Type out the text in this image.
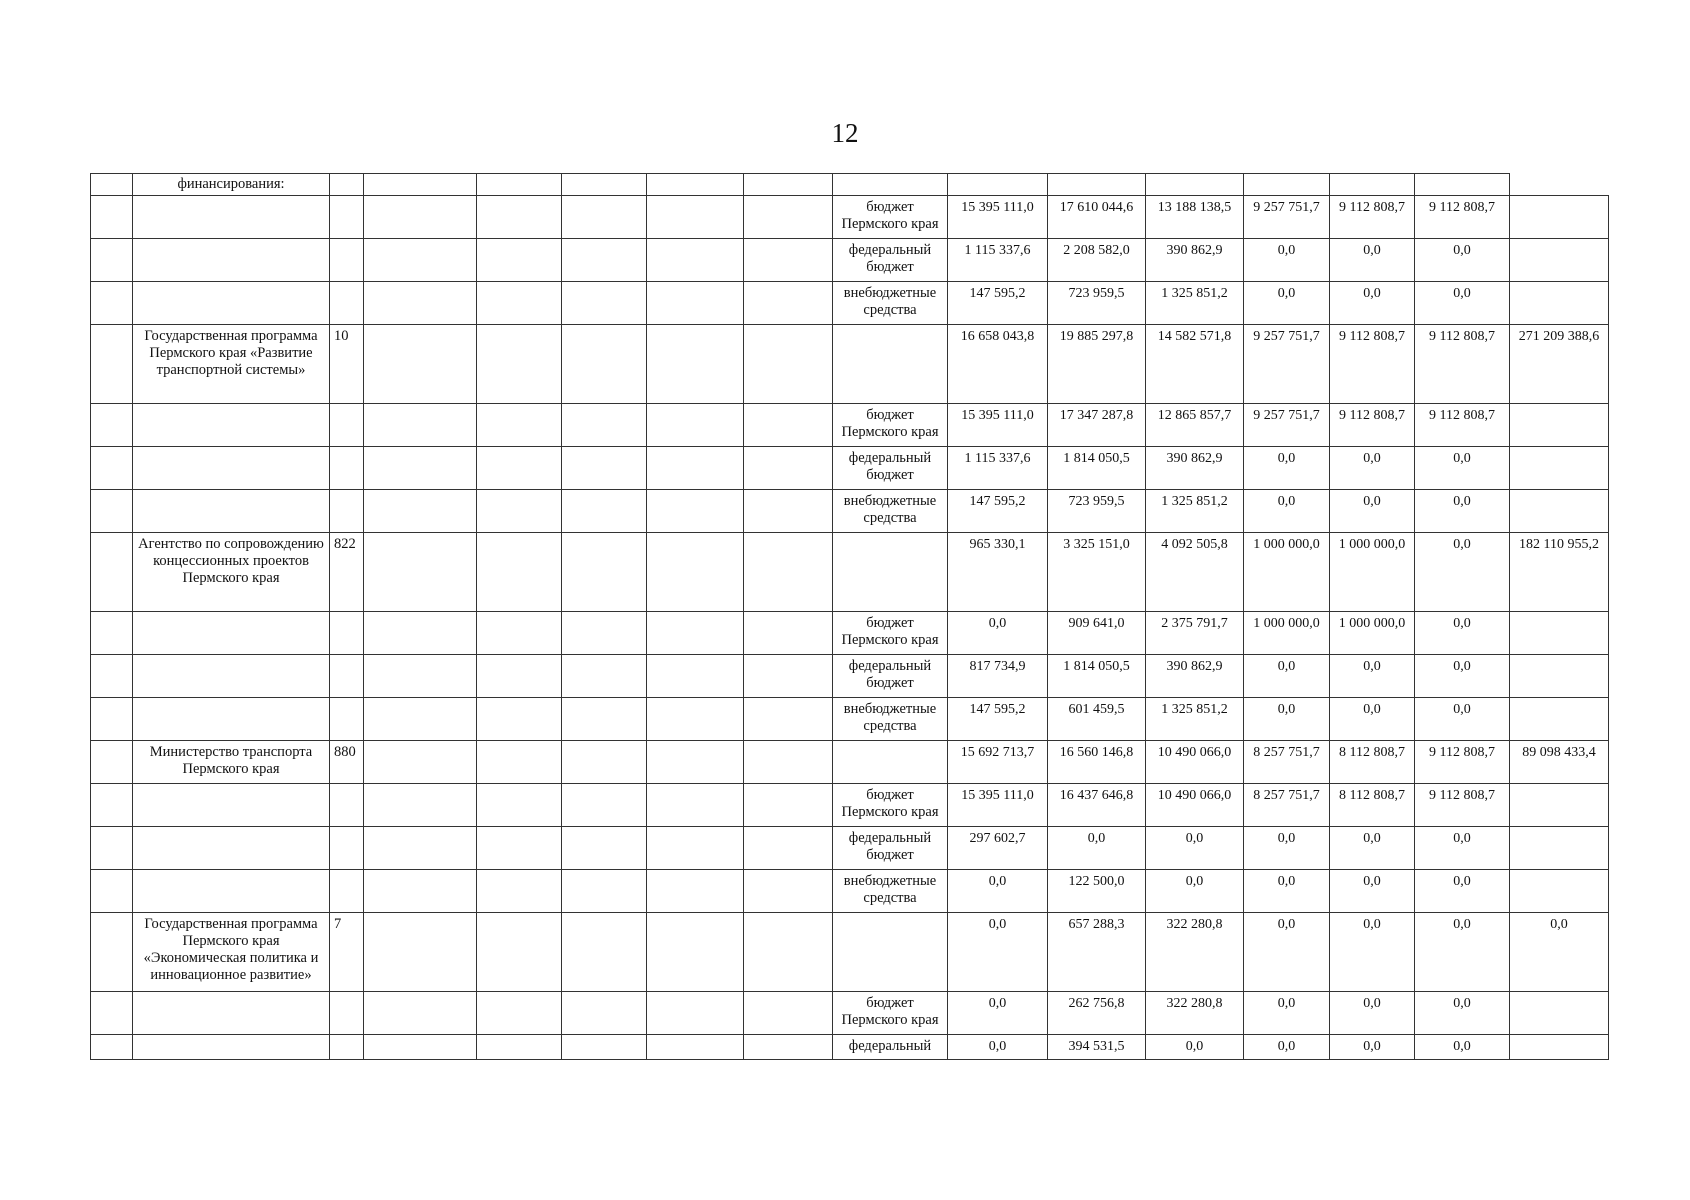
12
	финансирования:														
								бюджет Пермского края	15 395 111,0	17 610 044,6	13 188 138,5	9 257 751,7	9 112 808,7	9 112 808,7	
								федеральный бюджет	1 115 337,6	2 208 582,0	390 862,9	0,0	0,0	0,0	
								внебюджетные средства	147 595,2	723 959,5	1 325 851,2	0,0	0,0	0,0	
	Государственная программа Пермского края «Развитие транспортной системы»	10							16 658 043,8	19 885 297,8	14 582 571,8	9 257 751,7	9 112 808,7	9 112 808,7	271 209 388,6
								бюджет Пермского края	15 395 111,0	17 347 287,8	12 865 857,7	9 257 751,7	9 112 808,7	9 112 808,7	
								федеральный бюджет	1 115 337,6	1 814 050,5	390 862,9	0,0	0,0	0,0	
								внебюджетные средства	147 595,2	723 959,5	1 325 851,2	0,0	0,0	0,0	
	Агентство по сопровождению концессионных проектов Пермского края	822							965 330,1	3 325 151,0	4 092 505,8	1 000 000,0	1 000 000,0	0,0	182 110 955,2
								бюджет Пермского края	0,0	909 641,0	2 375 791,7	1 000 000,0	1 000 000,0	0,0	
								федеральный бюджет	817 734,9	1 814 050,5	390 862,9	0,0	0,0	0,0	
								внебюджетные средства	147 595,2	601 459,5	1 325 851,2	0,0	0,0	0,0	
	Министерство транспорта Пермского края	880							15 692 713,7	16 560 146,8	10 490 066,0	8 257 751,7	8 112 808,7	9 112 808,7	89 098 433,4
								бюджет Пермского края	15 395 111,0	16 437 646,8	10 490 066,0	8 257 751,7	8 112 808,7	9 112 808,7	
								федеральный бюджет	297 602,7	0,0	0,0	0,0	0,0	0,0	
								внебюджетные средства	0,0	122 500,0	0,0	0,0	0,0	0,0	
	Государственная программа Пермского края «Экономическая политика и инновационное развитие»	7							0,0	657 288,3	322 280,8	0,0	0,0	0,0	0,0
								бюджет Пермского края	0,0	262 756,8	322 280,8	0,0	0,0	0,0	
								федеральный	0,0	394 531,5	0,0	0,0	0,0	0,0	
